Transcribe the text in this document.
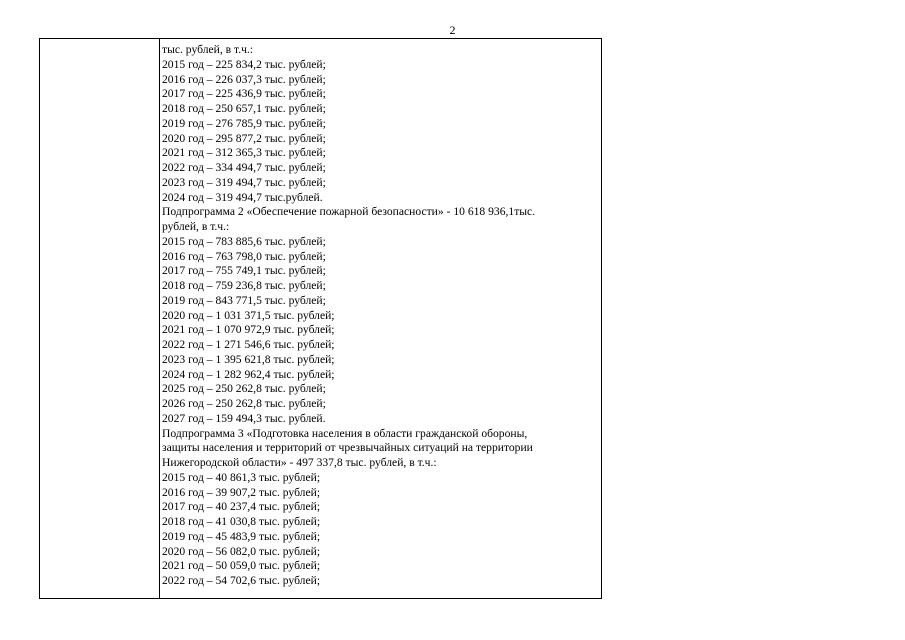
2
тыс. рублей, в т.ч.:
2015 год – 225 834,2 тыс. рублей;
2016 год – 226 037,3 тыс. рублей;
2017 год – 225 436,9 тыс. рублей;
2018 год – 250 657,1 тыс. рублей;
2019 год – 276 785,9 тыс. рублей;
2020 год – 295 877,2 тыс. рублей;
2021 год – 312 365,3 тыс. рублей;
2022 год – 334 494,7 тыс. рублей;
2023 год – 319 494,7 тыс. рублей;
2024 год – 319 494,7 тыс.рублей.
Подпрограмма 2 «Обеспечение пожарной безопасности» - 10 618 936,1тыс.
рублей, в т.ч.:
2015 год – 783 885,6 тыс. рублей;
2016 год – 763 798,0 тыс. рублей;
2017 год – 755 749,1 тыс. рублей;
2018 год – 759 236,8 тыс. рублей;
2019 год – 843 771,5 тыс. рублей;
2020 год – 1 031 371,5 тыс. рублей;
2021 год – 1 070 972,9 тыс. рублей;
2022 год – 1 271 546,6 тыс. рублей;
2023 год – 1 395 621,8 тыс. рублей;
2024 год – 1 282 962,4 тыс. рублей;
2025 год – 250 262,8 тыс. рублей;
2026 год – 250 262,8 тыс. рублей;
2027 год – 159 494,3 тыс. рублей.
Подпрограмма 3 «Подготовка населения в области гражданской обороны,
защиты населения и территорий от чрезвычайных ситуаций на территории
Нижегородской области» - 497 337,8 тыс. рублей, в т.ч.:
2015 год – 40 861,3 тыс. рублей;
2016 год – 39 907,2 тыс. рублей;
2017 год – 40 237,4 тыс. рублей;
2018 год – 41 030,8 тыс. рублей;
2019 год – 45 483,9 тыс. рублей;
2020 год – 56 082,0 тыс. рублей;
2021 год – 50 059,0 тыс. рублей;
2022 год – 54 702,6 тыс. рублей;
